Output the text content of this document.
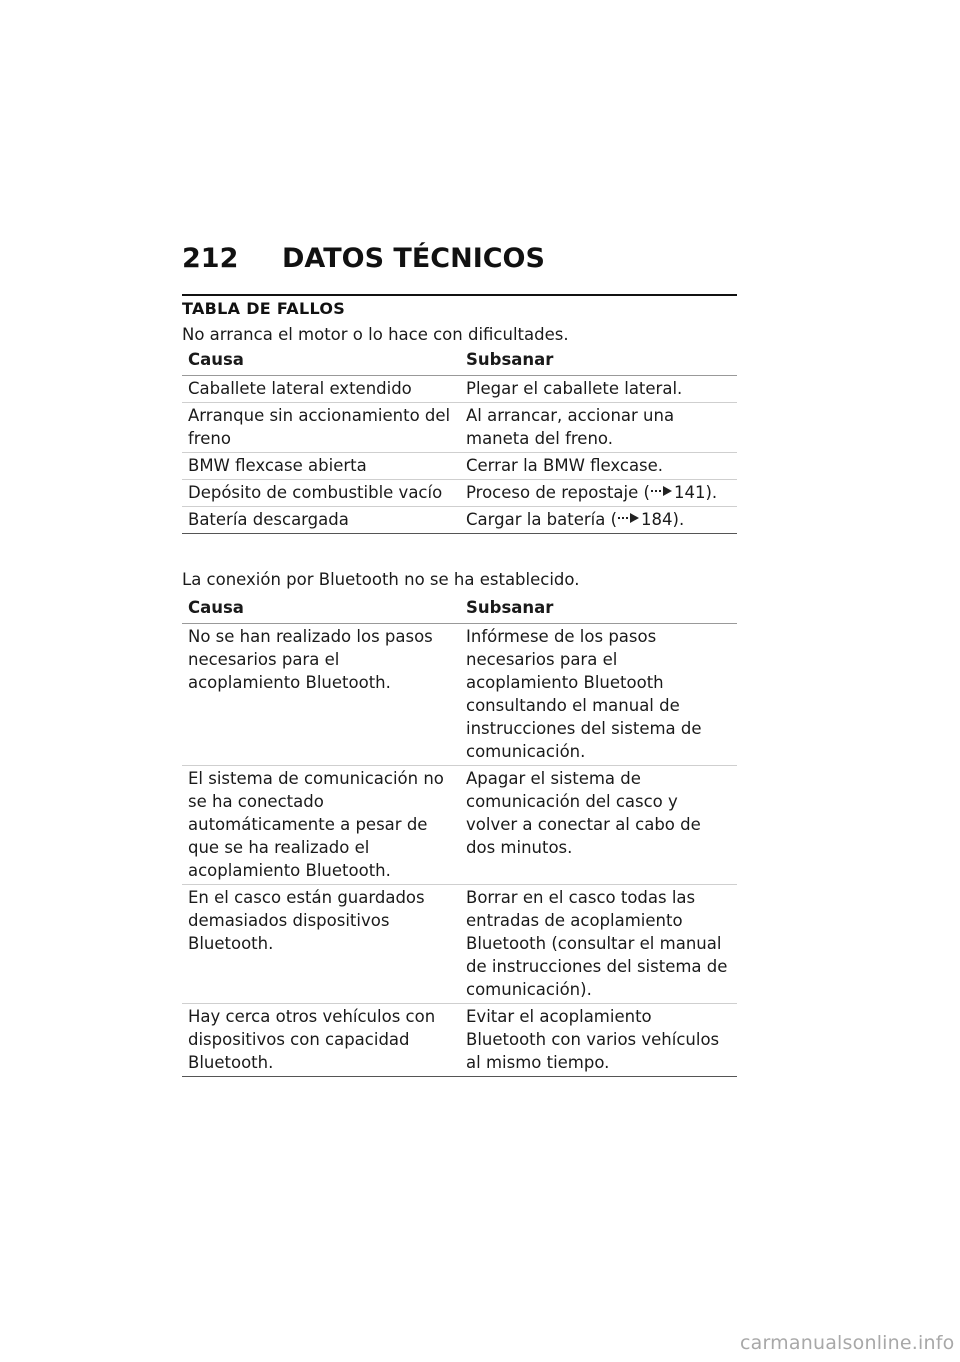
212	DATOS TÉCNICOS
TABLA DE FALLOS
No arranca el motor o lo hace con dificultades.
Causa	Subsanar
Caballete lateral extendido	Plegar el caballete lateral.
Arranque sin accionamiento del freno	Al arrancar, accionar una maneta del freno.
BMW flexcase abierta	Cerrar la BMW flexcase.
Depósito de combustible vacío	Proceso de repostaje ( 141).
Batería descargada	Cargar la batería ( 184).
La conexión por Bluetooth no se ha establecido.
Causa	Subsanar
No se han realizado los pasos necesarios para el acoplamiento Bluetooth.	Infórmese de los pasos necesarios para el acoplamiento Bluetooth consultando el manual de instrucciones del sistema de comunicación.
El sistema de comunicación no se ha conectado automáticamente a pesar de que se ha realizado el acoplamiento Bluetooth.	Apagar el sistema de comunicación del casco y volver a conectar al cabo de dos minutos.
En el casco están guardados demasiados dispositivos Bluetooth.	Borrar en el casco todas las entradas de acoplamiento Bluetooth (consultar el manual de instrucciones del sistema de comunicación).
Hay cerca otros vehículos con dispositivos con capacidad Bluetooth.	Evitar el acoplamiento Bluetooth con varios vehículos al mismo tiempo.
carmanualsonline.info
